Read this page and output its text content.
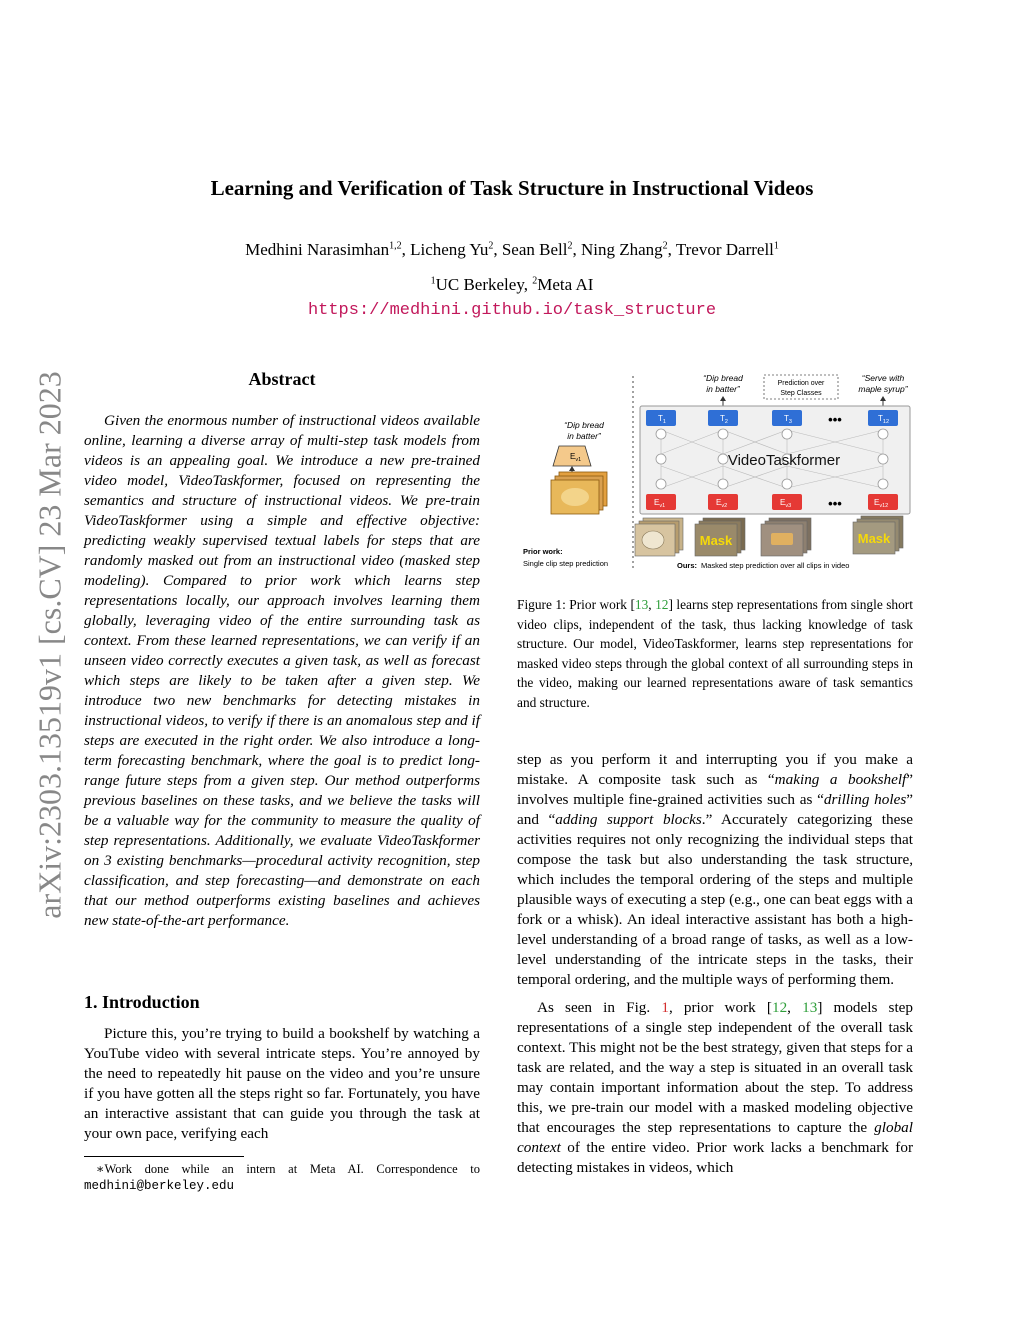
arXiv:2303.13519v1 [cs.CV] 23 Mar 2023
Learning and Verification of Task Structure in Instructional Videos
Medhini Narasimhan$^{1,2}$, Licheng Yu$^2$, Sean Bell$^2$, Ning Zhang$^2$, Trevor Darrell$^1$
$^1$UC Berkeley, $^2$Meta AI
https://medhini.github.io/task_structure
Abstract
Given the enormous number of instructional videos available online, learning a diverse array of multi-step task models from videos is an appealing goal. We introduce a new pre-trained video model, VideoTaskformer, focused on representing the semantics and structure of instructional videos. We pre-train VideoTaskformer using a simple and effective objective: predicting weakly supervised textual labels for steps that are randomly masked out from an instructional video (masked step modeling). Compared to prior work which learns step representations locally, our approach involves learning them globally, leveraging video of the entire surrounding task as context. From these learned representations, we can verify if an unseen video correctly executes a given task, as well as forecast which steps are likely to be taken after a given step. We introduce two new benchmarks for detecting mistakes in instructional videos, to verify if there is an anomalous step and if steps are executed in the right order. We also introduce a long-term forecasting benchmark, where the goal is to predict long-range future steps from a given step. Our method outperforms previous baselines on these tasks, and we believe the tasks will be a valuable way for the community to measure the quality of step representations. Additionally, we evaluate VideoTaskformer on 3 existing benchmarks—procedural activity recognition, step classification, and step forecasting—and demonstrate on each that our method outperforms existing baselines and achieves new state-of-the-art performance.
1. Introduction
Picture this, you’re trying to build a bookshelf by watching a YouTube video with several intricate steps. You’re annoyed by the need to repeatedly hit pause on the video and you’re unsure if you have gotten all the steps right so far. Fortunately, you have an interactive assistant that can guide you through the task at your own pace, verifying each
∗Work done while an intern at Meta AI. Correspondence to medhini@berkeley.edu
“Dip bread
in batter”
$E_{v1}$
Prior work:
Single clip step prediction
“Dip bread
in batter”
Prediction over
Step Classes
“Serve with
maple syrup”
VideoTaskformer
$T_1$	$T_2$	$T_3$	$T_{12}$
•••
$E_{v1}$	$E_{v2}$	$E_{v3}$	$E_{v12}$
•••
Mask	Mask
Ours: Masked step prediction over all clips in video
Figure 1: Prior work [13, 12] learns step representations from single short video clips, independent of the task, thus lacking knowledge of task structure. Our model, VideoTaskformer, learns step representations for masked video steps through the global context of all surrounding steps in the video, making our learned representations aware of task semantics and structure.

step as you perform it and interrupting you if you make a mistake. A composite task such as “making a bookshelf” involves multiple fine-grained activities such as “drilling holes” and “adding support blocks.” Accurately categorizing these activities requires not only recognizing the individual steps that compose the task but also understanding the task structure, which includes the temporal ordering of the steps and multiple plausible ways of executing a step (e.g., one can beat eggs with a fork or a whisk). An ideal interactive assistant has both a high-level understanding of a broad range of tasks, as well as a low-level understanding of the intricate steps in the tasks, their temporal ordering, and the multiple ways of performing them.

As seen in Fig. 1, prior work [12, 13] models step representations of a single step independent of the overall task context. This might not be the best strategy, given that steps for a task are related, and the way a step is situated in an overall task may contain important information about the step. To address this, we pre-train our model with a masked modeling objective that encourages the step representations to capture the global context of the entire video. Prior work lacks a benchmark for detecting mistakes in videos, which
